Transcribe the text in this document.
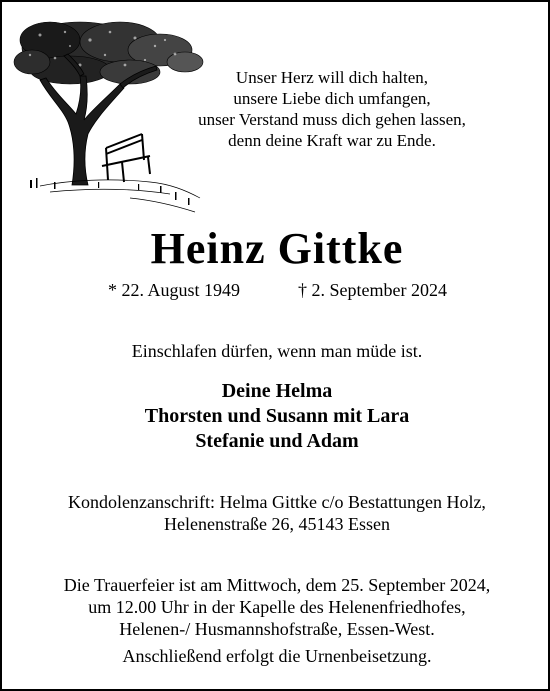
Unser Herz will dich halten,
unsere Liebe dich umfangen,
unser Verstand muss dich gehen lassen,
denn deine Kraft war zu Ende.
Heinz Gittke
* 22. August 1949	† 2. September 2024
Einschlafen dürfen, wenn man müde ist.
Deine Helma
Thorsten und Susann mit Lara
Stefanie und Adam
Kondolenzanschrift: Helma Gittke c/o Bestattungen Holz,
Helenenstraße 26, 45143 Essen
Die Trauerfeier ist am Mittwoch, dem 25. September 2024,
um 12.00 Uhr in der Kapelle des Helenenfriedhofes,
Helenen-/ Husmannshofstraße, Essen-West.
Anschließend erfolgt die Urnenbeisetzung.
